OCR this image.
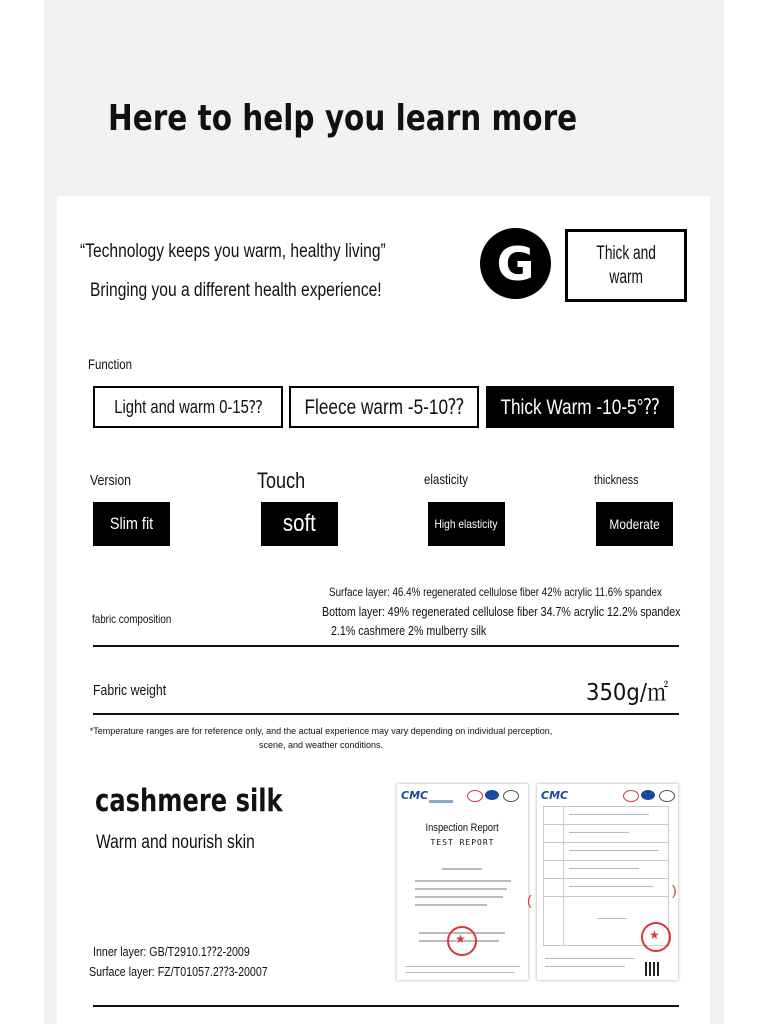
Here to help you learn more
“Technology keeps you warm, healthy living”
Bringing you a different health experience!	G	Thick and
warm
Function
Light and warm 0-15⁇ Fleece warm -5-10⁇ Thick Warm -10-5°⁇
Version	Touch	elasticity	thickness
Slim fit	soft	High elasticity	Moderate
fabric composition
Surface layer: 46.4% regenerated cellulose fiber 42% acrylic 11.6% spandex
Bottom layer: 49% regenerated cellulose fiber 34.7% acrylic 12.2% spandex
2.1% cashmere 2% mulberry silk
Fabric weight	350g/㎡
*Temperature ranges are for reference only, and the actual experience may vary depending on individual perception, scene, and weather conditions.
cashmere silk
Warm and nourish skin
Inner layer: GB/T2910.1⁇2-2009
Surface layer: FZ/T01057.2⁇3-20007
CMC
Inspection Report
TEST REPORT
★
(
CMC
★
)
